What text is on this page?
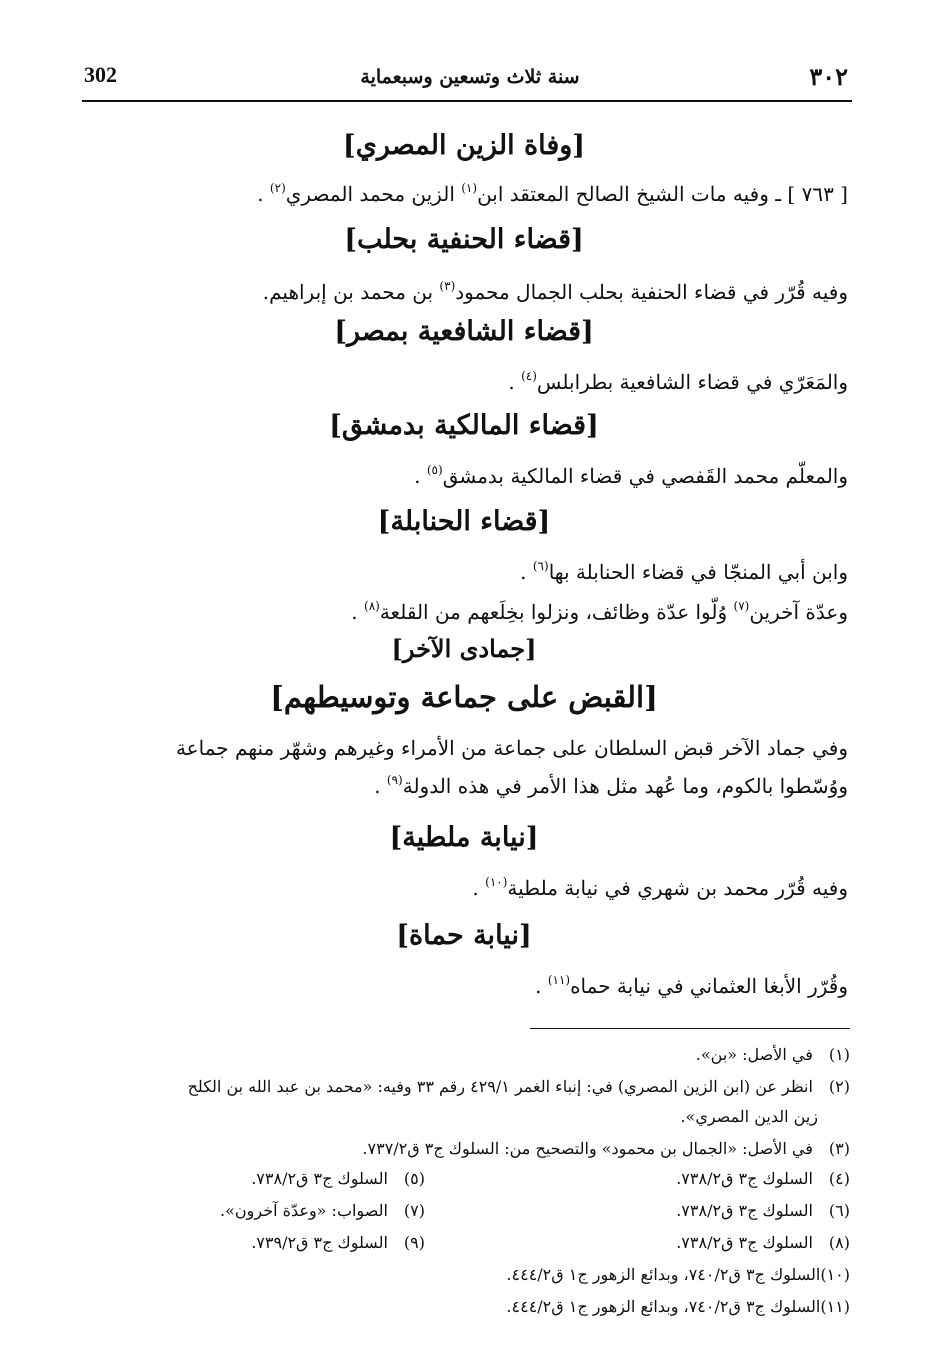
٣٠٢
سنة ثلاث وتسعين وسبعماية
302
[وفاة الزين المصري]
[ ٧٦٣ ] ـ وفيه مات الشيخ الصالح المعتقد ابن$^{(١)}$ الزين محمد المصري$^{(٢)}$ .
[قضاء الحنفية بحلب]
وفيه قُرّر في قضاء الحنفية بحلب الجمال محمود$^{(٣)}$ بن محمد بن إبراهيم.
[قضاء الشافعية بمصر]
والمَعَرّي في قضاء الشافعية بطرابلس$^{(٤)}$ .
[قضاء المالكية بدمشق]
والمعلّم محمد القَفصي في قضاء المالكية بدمشق$^{(٥)}$ .
[قضاء الحنابلة]
وابن أبي المنجّا في قضاء الحنابلة بها$^{(٦)}$ .
وعدّة آخرين$^{(٧)}$ وُلّوا عدّة وظائف، ونزلوا بخِلَعهم من القلعة$^{(٨)}$ .
[جمادى الآخر]
[القبض على جماعة وتوسيطهم]
وفي جماد الآخر قبض السلطان على جماعة من الأمراء وغيرهم وشهّر منهم جماعة
ووُسّطوا بالكوم، وما عُهد مثل هذا الأمر في هذه الدولة$^{(٩)}$ .
[نيابة ملطية]
وفيه قُرّر محمد بن شهري في نيابة ملطية$^{(١٠)}$ .
[نيابة حماة]
وقُرّر الأبغا العثماني في نيابة حماه$^{(١١)}$ .
(١) في الأصل: «بن».
(٢) انظر عن (ابن الزين المصري) في: إنباء الغمر ٤٢٩/١ رقم ٣٣ وفيه: «محمد بن عبد الله بن الكلح
زين الدين المصري».
(٣) في الأصل: «الجمال بن محمود» والتصحيح من: السلوك ج٣ ق٧٣٧/٢.
(٤) السلوك ج٣ ق٧٣٨/٢.
(٥) السلوك ج٣ ق٧٣٨/٢.
(٦) السلوك ج٣ ق٧٣٨/٢.
(٧) الصواب: «وعدّة آخرون».
(٨) السلوك ج٣ ق٧٣٨/٢.
(٩) السلوك ج٣ ق٧٣٩/٢.
(١٠)السلوك ج٣ ق٧٤٠/٢، وبدائع الزهور ج١ ق٤٤٤/٢.
(١١)السلوك ج٣ ق٧٤٠/٢، وبدائع الزهور ج١ ق٤٤٤/٢.
